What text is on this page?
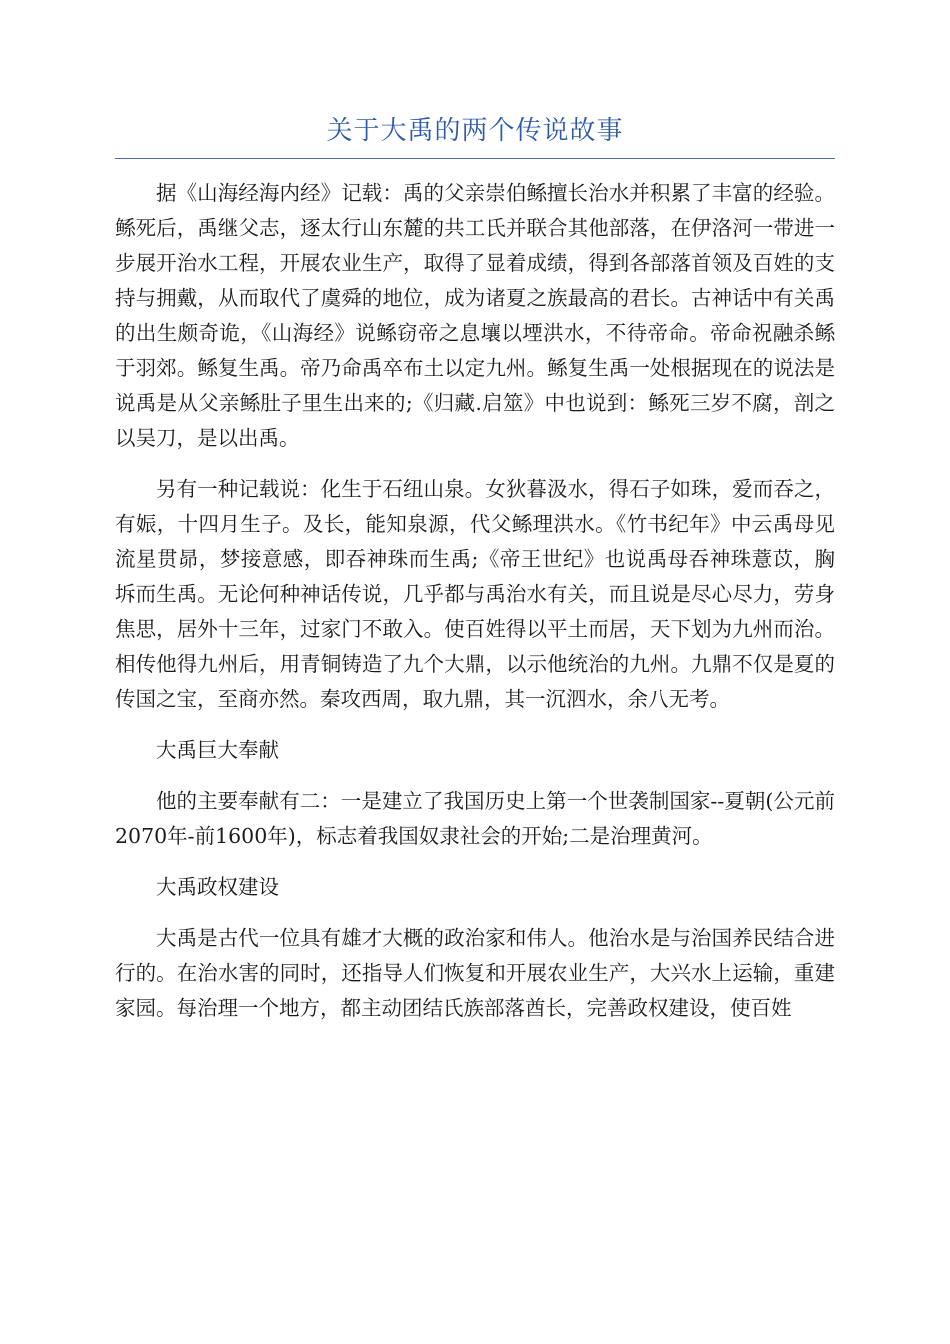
关于大禹的两个传说故事

据《山海经海内经》记载：禹的父亲崇伯鲧擅长治水并积累了丰富的经验。鲧死后，禹继父志，逐太行山东麓的共工氏并联合其他部落，在伊洛河一带进一步展开治水工程，开展农业生产，取得了显着成绩，得到各部落首领及百姓的支持与拥戴，从而取代了虞舜的地位，成为诸夏之族最高的君长。古神话中有关禹的出生颇奇诡，《山海经》说鲧窃帝之息壤以堙洪水，不待帝命。帝命祝融杀鲧于羽郊。鲧复生禹。帝乃命禹卒布土以定九州。鲧复生禹一处根据现在的说法是说禹是从父亲鲧肚子里生出来的;《归藏.启筮》中也说到：鲧死三岁不腐，剖之以吴刀，是以出禹。

另有一种记载说：化生于石纽山泉。女狄暮汲水，得石子如珠，爱而吞之，有娠，十四月生子。及长，能知泉源，代父鲧理洪水。《竹书纪年》中云禹母见流星贯昴，梦接意感，即吞神珠而生禹;《帝王世纪》也说禹母吞神珠薏苡，胸坼而生禹。无论何种神话传说，几乎都与禹治水有关，而且说是尽心尽力，劳身焦思，居外十三年，过家门不敢入。使百姓得以平土而居，天下划为九州而治。相传他得九州后，用青铜铸造了九个大鼎，以示他统治的九州。九鼎不仅是夏的传国之宝，至商亦然。秦攻西周，取九鼎，其一沉泗水，余八无考。

大禹巨大奉献

他的主要奉献有二：一是建立了我国历史上第一个世袭制国家--夏朝(公元前2070年-前1600年)，标志着我国奴隶社会的开始;二是治理黄河。

大禹政权建设

大禹是古代一位具有雄才大概的政治家和伟人。他治水是与治国养民结合进行的。在治水害的同时，还指导人们恢复和开展农业生产，大兴水上运输，重建家园。每治理一个地方，都主动团结氏族部落酋长，完善政权建设，使百姓
